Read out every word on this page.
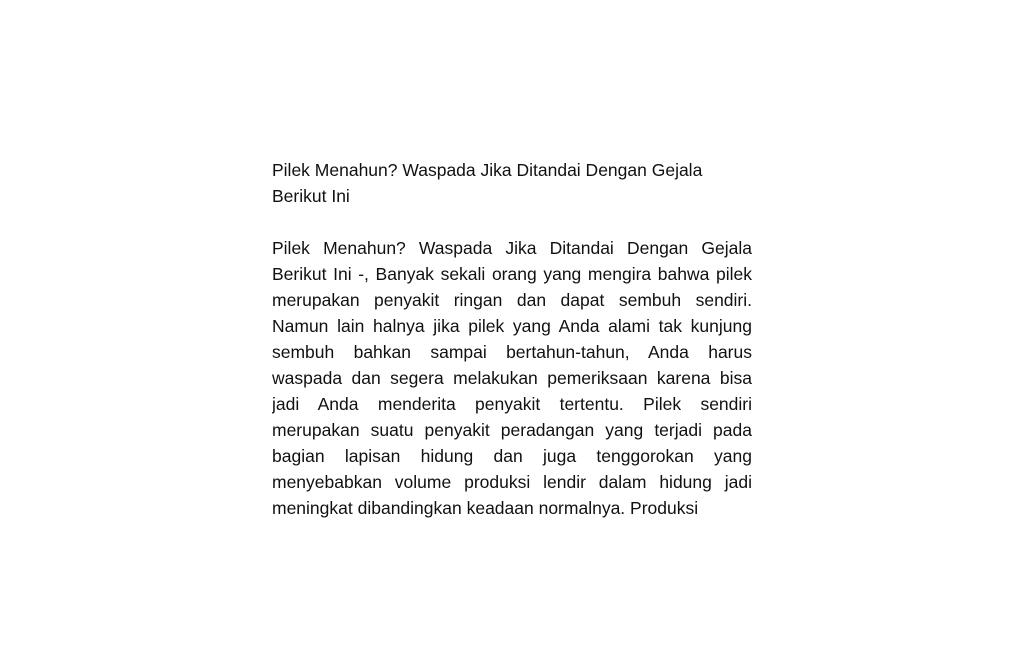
Pilek Menahun? Waspada Jika Ditandai Dengan Gejala Berikut Ini

Pilek Menahun? Waspada Jika Ditandai Dengan Gejala Berikut Ini -, Banyak sekali orang yang mengira bahwa pilek merupakan penyakit ringan dan dapat sembuh sendiri. Namun lain halnya jika pilek yang Anda alami tak kunjung sembuh bahkan sampai bertahun-tahun, Anda harus waspada dan segera melakukan pemeriksaan karena bisa jadi Anda menderita penyakit tertentu. Pilek sendiri merupakan suatu penyakit peradangan yang terjadi pada bagian lapisan hidung dan juga tenggorokan yang menyebabkan volume produksi lendir dalam hidung jadi meningkat dibandingkan keadaan normalnya. Produksi
